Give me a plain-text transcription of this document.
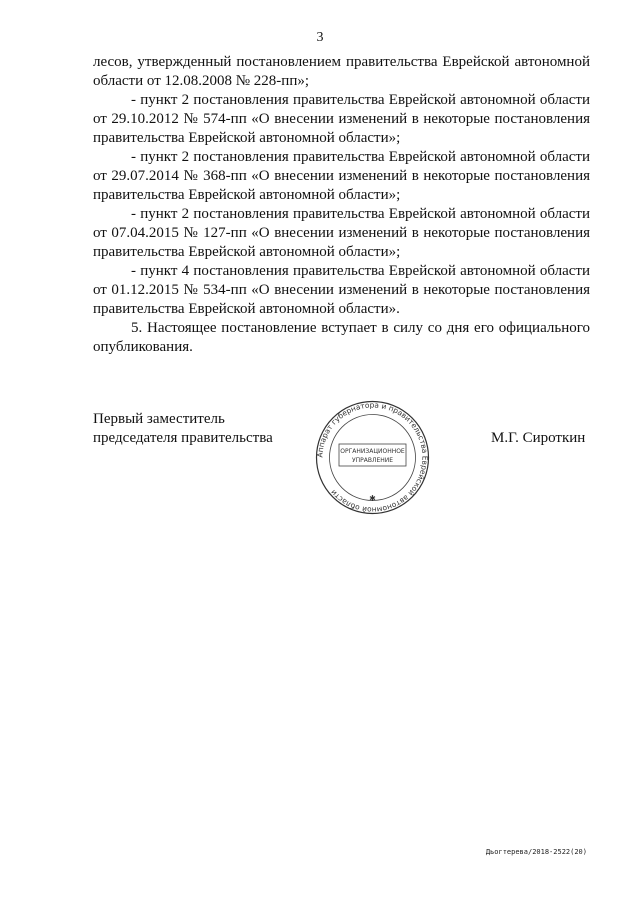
3

лесов, утвержденный постановлением правительства Еврейской автономной области от 12.08.2008 № 228-пп»;

- пункт 2 постановления правительства Еврейской автономной области от 29.10.2012 № 574-пп «О внесении изменений в некоторые постановления правительства Еврейской автономной области»;

- пункт 2 постановления правительства Еврейской автономной области от 29.07.2014 № 368-пп «О внесении изменений в некоторые постановления правительства Еврейской автономной области»;

- пункт 2 постановления правительства Еврейской автономной области от 07.04.2015 № 127-пп «О внесении изменений в некоторые постановления правительства Еврейской автономной области»;

- пункт 4 постановления правительства Еврейской автономной области от 01.12.2015 № 534-пп «О внесении изменений в некоторые постановления правительства Еврейской автономной области».

5. Настоящее постановление вступает в силу со дня его официального опубликования.

Первый заместитель
председателя правительства	М.Г. Сироткин
Аппарат губернатора и правительства Еврейской автономной области
ОРГАНИЗАЦИОННОЕ
УПРАВЛЕНИЕ
✱
Дьогтерева/2018-2522(20)
